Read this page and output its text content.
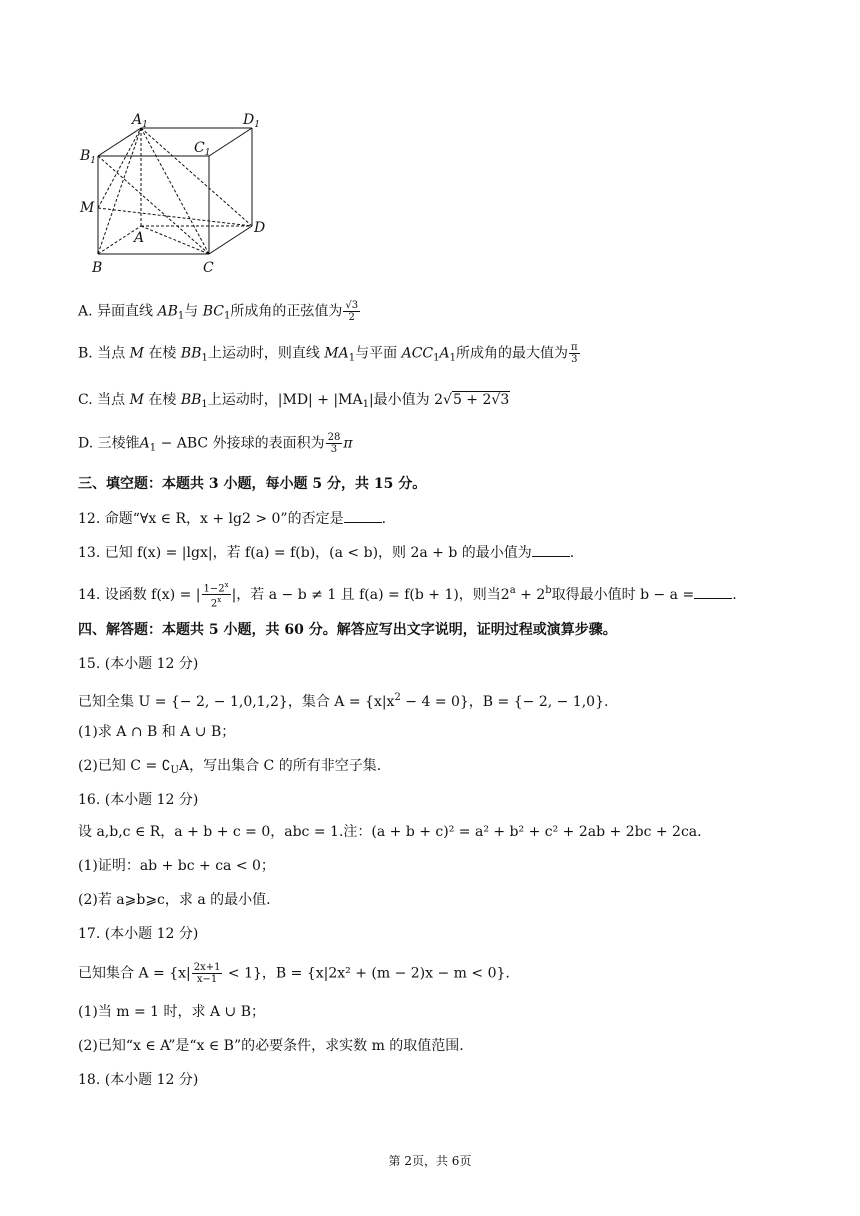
$A_1$	$D_1$
$B_1$
$C_1$
M
A
D
B	C
A. 异面直线 $AB_1$与 $BC_1$所成角的正弦值为 $\frac{√3}{2}$
B. 当点 M 在棱 $BB_1$上运动时，则直线 $MA_1$与平面 $ACC_1A_1$所成角的最大值为 $\frac{\pi}{3}$
C. 当点 M 在棱 $BB_1$上运动时，$|MD| + |MA_1|$最小值为 2√5 + 2√3
D. 三棱锥$A_1$ − ABC 外接球的表面积为 $\frac{28}{3}$ π
三、填空题：本题共 3 小题，每小题 5 分，共 15 分。
12. 命题“∀x ∈ R，x + lg2 > 0”的否定是	.
13. 已知 f(x) = |lgx|，若 f(a) = f(b)，(a < b)，则 2a + b 的最小值为	.
14. 设函数 f(x) = | $\frac{1-2^x}{2^x}$ |，若 a − b ≠ 1 且 f(a) = f(b + 1)，则当$2^a + 2^b$取得最小值时 b − a =	.
四、解答题：本题共 5 小题，共 60 分。解答应写出文字说明，证明过程或演算步骤。
15. (本小题 12 分)
已知全集 U = {− 2, − 1,0,1,2}，集合 $A = \{x|x^2 - 4 = 0\}$，B = {− 2, − 1,0}.
(1)求 A ∩ B 和 A ∪ B；
(2)已知 $C = ∁_UA$，写出集合 C 的所有非空子集.
16. (本小题 12 分)
设 a,b,c ∈ R，a + b + c = 0，abc = 1.注：(a + b + c)² = a² + b² + c² + 2ab + 2bc + 2ca.
(1)证明：ab + bc + ca < 0；
(2)若 a⩾b⩾c，求 a 的最小值.
17. (本小题 12 分)
已知集合 $A = \{x| \frac{2x+1}{x-1} < 1\}$，B = {x|2x² + (m − 2)x − m < 0}.
(1)当 m = 1 时，求 A ∪ B；
(2)已知“x ∈ A”是“x ∈ B”的必要条件，求实数 m 的取值范围.
18. (本小题 12 分)
第 2页，共 6页
